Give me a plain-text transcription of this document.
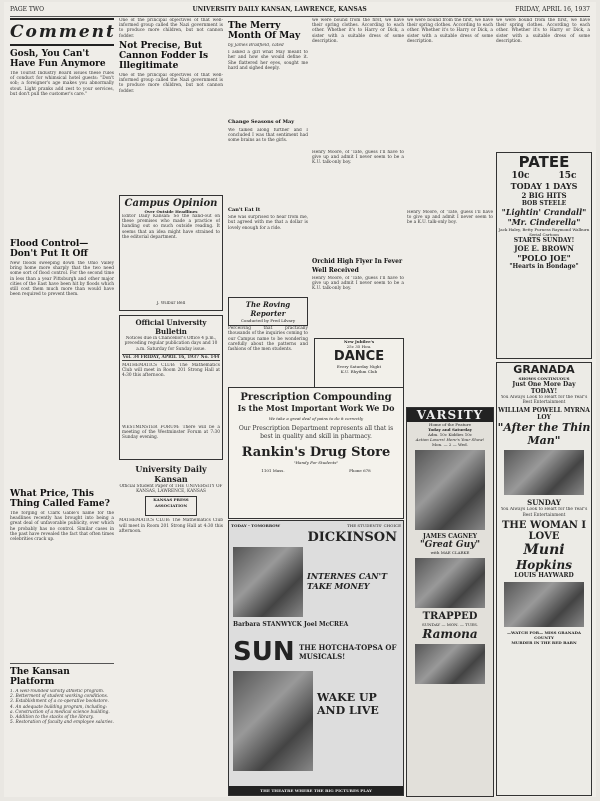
PAGE TWO	UNIVERSITY DAILY KANSAN, LAWRENCE, KANSAS	FRIDAY, APRIL 16, 1937
Comment
Gosh, You Can't Have Fun Anymore

The Tourist Industry Board issues these rules of conduct for whimsical hotel guests: "Don't sob; a foreigner's age makes you abnormally stout. Light pranks add zest to your services, but don't pull the customer's care."

Flood Control—Don't Put It Off

New floods sweeping down the Ohio Valley bring home more sharply that the two need some sort of flood control. For the second time in less than a year Pittsburgh and other major cities of the East have been hit by floods which still cost them much more than would have been required to prevent them.

What Price, This Thing Called Fame?

The forging of Clark Gable's name for the headlines recently has brought into being a great deal of unfavorable publicity, over which he probably has no control. Similar cases in the past have revealed the fact that often times celebrities crack up.

The Kansan Platform
1. A well-rounded varsity athletic program.
2. Betterment of student working conditions.
3. Establishment of a co-operative bookstore.
4. An adequate building program, including:
a. Construction of a medical science building.
b. Addition to the stacks of the library.
5. Restoration of faculty and employee salaries.

One of the principal objectives of that well-informed group called the Nazi government is to produce more children, but not cannon fodder.

Not Precise, But Cannon Fodder Is Illegitimate

One of the principal objectives of that well-informed group called the Nazi government is to produce more children, but not cannon fodder.

Campus Opinion
Over Outside Headlines

Editor Daily Kansan: So the hand-out on these premises who made a practice of handing out so much outside reading. It seems that an idea might have strained to the editorial department.

J. Wilbur Bell
Official University Bulletin
Notices due in Chancellor's Office 4 p.m., preceding regular publication days and 10 a.m. Saturday for Sunday issue.
Vol. 34 FRIDAY, APRIL 16, 1937 No. 144

MATHEMATICS CLUB: The Mathematics Club will meet in Room 201 Strong Hall at 4:30 this afternoon.

WESTMINSTER FORUM: There will be a meeting of the Westminster Forum at 7:30 Sunday evening.

University Daily Kansan
Official Student Paper of THE UNIVERSITY OF KANSAS, LAWRENCE, KANSAS
KANSAS PRESS ASSOCIATION

MATHEMATICS CLUB: The Mathematics Club will meet in Room 201 Strong Hall at 4:30 this afternoon.

The Merry Month Of May
by James Bradfield, cated

I asked a girl what May meant to her and how she would define it. She flattered her eyes, sought me hard and sighed deeply.

Change Seasons of May

We talked along further and I concluded I was that sentiment had some brains as to the girls.

Can't Eat It

She was surprised to hear from me, but agreed with me that a dollar is lovely enough for a ride.

The Roving Reporter
Conducted by Fred Lilvary

Perceiving that practically thousands of the inquiries coming to our Campus name to be wondering carefully about the patterns and fashions of the men students.

we were bound from the first, we have their spring clothes. According to each other. Whether it's to Harry or Dick, a sister with a suitable dress of some description.

Henry Moore, of 'Tate, guess I'll have to give up and admit I never seem to be a K.U. talk-only boy.

Orchid High Flyer In Fever Well Received

Henry Moore, of 'Tate, guess I'll have to give up and admit I never seem to be a K.U. talk-only boy.

New Jubilee's
25c 35 Hou.
DANCE
Every Saturday Night
K.U. Rhythm Club
Prescription Compounding
Is the Most Important Work We Do
We take a great deal of pains to do it correctly
Our Prescription Department represents all that is best in quality and skill in pharmacy.
Rankin's Drug Store
"Handy For Students"
1101 Mass.	Phone 678
TODAY - TOMORROW	THE STUDENTS' CHOICE
DICKINSON
INTERNES CAN'T TAKE MONEY
Barbara STANWYCK Joel McCREA
SUN THE HOTCHA-TOPSA OF MUSICALS!
WAKE UP AND LIVE
THE THEATRE WHERE THE BIG PICTURES PLAY
VARSITY
Home of the Feature
Today and Saturday
Adm. 10c Kiddies 10c
Action Lovers! Here's Your Show!
Mon. — 2 — Wed.
JAMES CAGNEY
"Great Guy"
with MAE CLARKE
TRAPPED
SUNDAY — MON. — TUES.
Ramona
PATEE
10c	15c
TODAY 1 DAYS
2 BIG HITS
BOB STEELE
"Lightin' Crandall"
"Mr. Cinderella"
Jack Haley, Betty Furness Raymond Walburn
Serial Cartoon
STARTS SUNDAY!
JOE E. BROWN
"POLO JOE"
"Hearts in Bondage"
GRANADA
SHOWS CONTINUOUS
Just One More Day
TODAY!
You Always Look to Heart for the Year's Best Entertainment
WILLIAM POWELL MYRNA LOY
"After the Thin Man"
SUNDAY
You Always Look to Heart for the Year's Best Entertainment
THE WOMAN I LOVE
Muni
Hopkins
LOUIS HAYWARD
—WATCH FOR— MISS GRANADA COUNTY
MURDER IN THE RED BARN

we were bound from the first, we have their spring clothes. According to each other. Whether it's to Harry or Dick, a sister with a suitable dress of some description.

Henry Moore, of 'Tate, guess I'll have to give up and admit I never seem to be a K.U. talk-only boy.

we were bound from the first, we have their spring clothes. According to each other. Whether it's to Harry or Dick, a sister with a suitable dress of some description.
